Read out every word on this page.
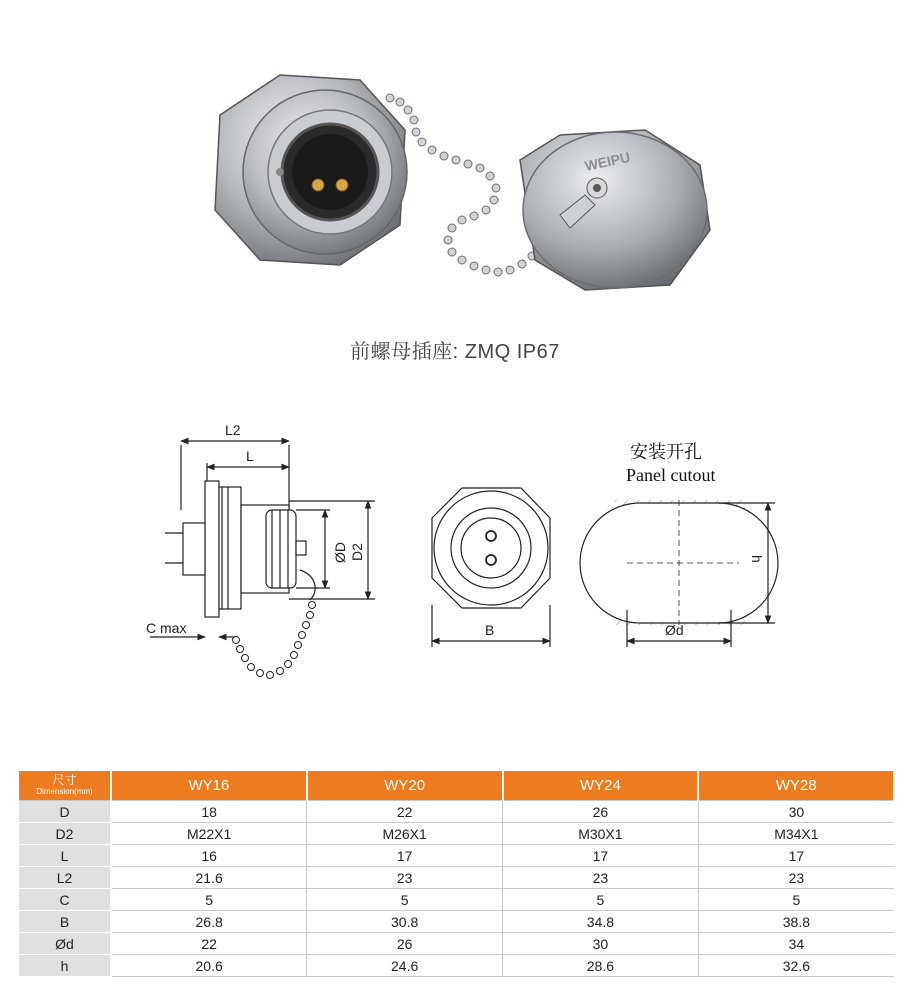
WEIPU
前螺母插座: ZMQ IP67
L2
L
ØD D2
C max	B
安装开孔
Panel cutout
h
Ød
尺寸
Dimension(mm)	WY16	WY20	WY24	WY28
D	18	22	26	30
D2	M22X1	M26X1	M30X1	M34X1
L	16	17	17	17
L2	21.6	23	23	23
C	5	5	5	5
B	26.8	30.8	34.8	38.8
Ød	22	26	30	34
h	20.6	24.6	28.6	32.6
